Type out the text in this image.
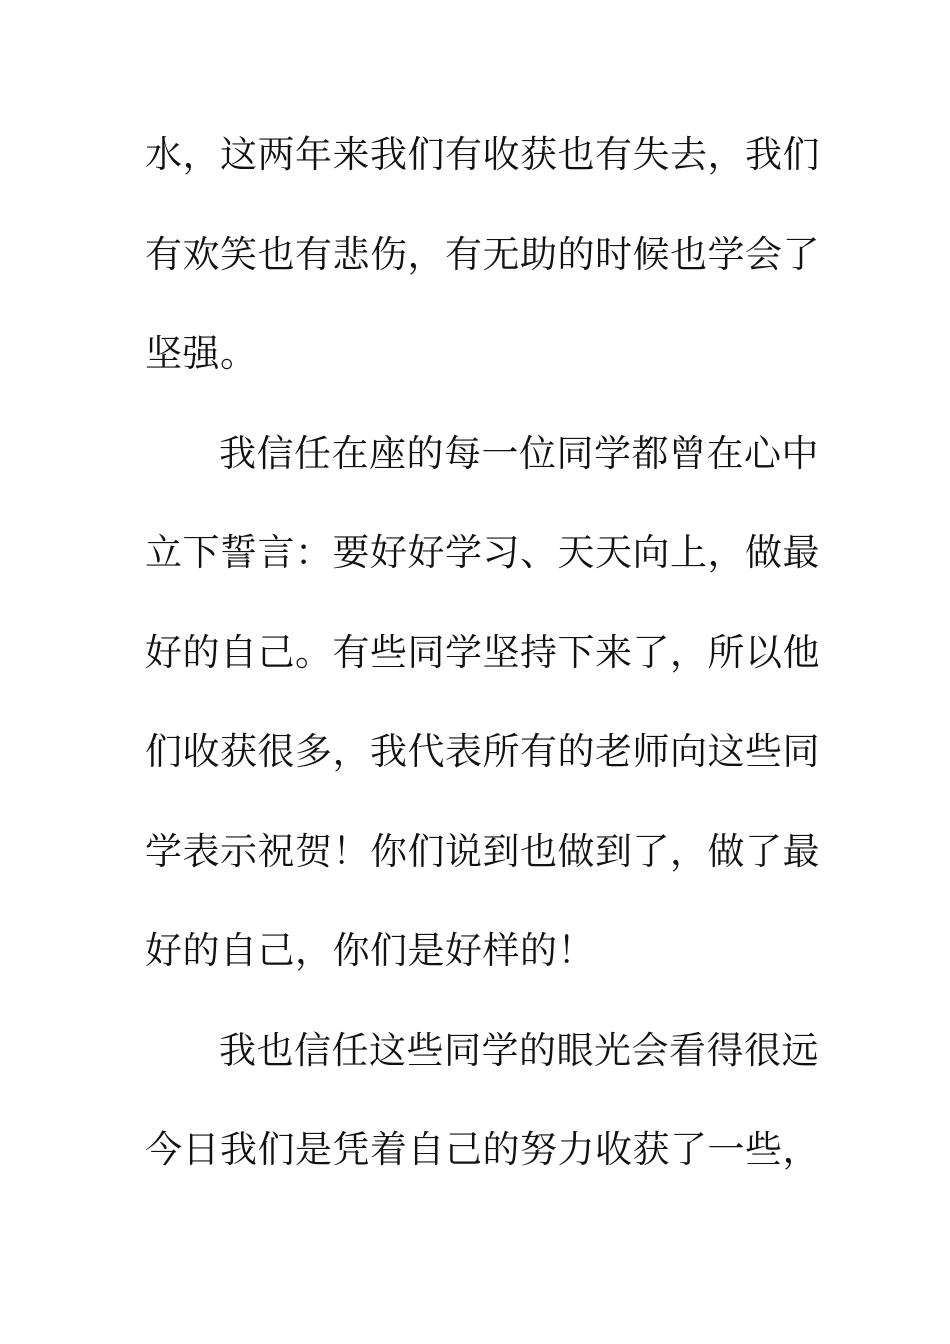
水，这两年来我们有收获也有失去，我们
有欢笑也有悲伤，有无助的时候也学会了
坚强。
我信任在座的每一位同学都曾在心中
立下誓言：要好好学习、天天向上，做最
好的自己。有些同学坚持下来了，所以他
们收获很多，我代表所有的老师向这些同
学表示祝贺！你们说到也做到了，做了最
好的自己，你们是好样的！
我也信任这些同学的眼光会看得很远
今日我们是凭着自己的努力收获了一些，
